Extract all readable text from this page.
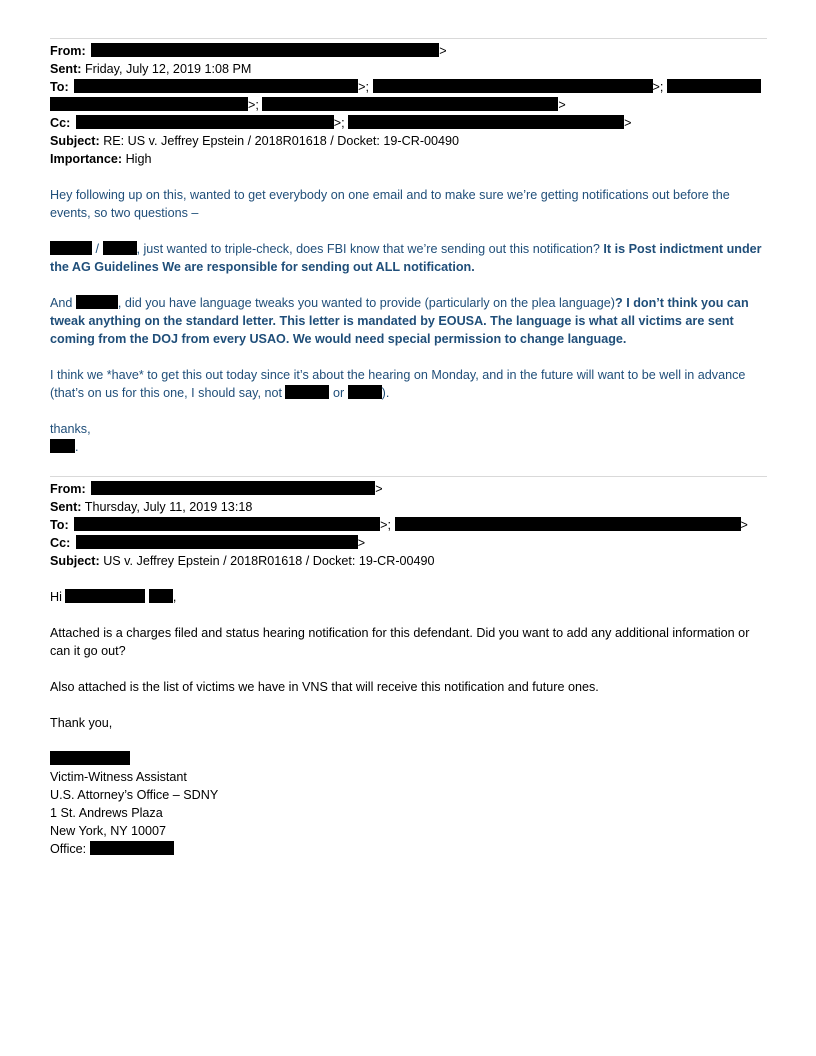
From:	>
Sent: Friday, July 12, 2019 1:08 PM
To:	>;	>;
>;	>
Cc:	>;	>
Subject: RE: US v. Jeffrey Epstein / 2018R01618 / Docket: 19-CR-00490
Importance: High
Hey following up on this, wanted to get everybody on one email and to make sure we’re getting notifications out before the events, so two questions –
/	, just wanted to triple-check, does FBI know that we’re sending out this notification? It is Post indictment under the AG Guidelines We are responsible for sending out ALL notification.
And	, did you have language tweaks you wanted to provide (particularly on the plea language)? I don’t think you can tweak anything on the standard letter. This letter is mandated by EOUSA. The language is what all victims are sent coming from the DOJ from every USAO. We would need special permission to change language.
I think we *have* to get this out today since it’s about the hearing on Monday, and in the future will want to be well in advance (that’s on us for this one, I should say, not	or	).
thanks,
.
From:	>
Sent: Thursday, July 11, 2019 13:18
To:	>;	>
Cc:	>
Subject: US v. Jeffrey Epstein / 2018R01618 / Docket: 19-CR-00490
Hi	,
Attached is a charges filed and status hearing notification for this defendant. Did you want to add any additional information or can it go out?
Also attached is the list of victims we have in VNS that will receive this notification and future ones.
Thank you,
Victim-Witness Assistant
U.S. Attorney’s Office – SDNY
1 St. Andrews Plaza
New York, NY 10007
Office:
